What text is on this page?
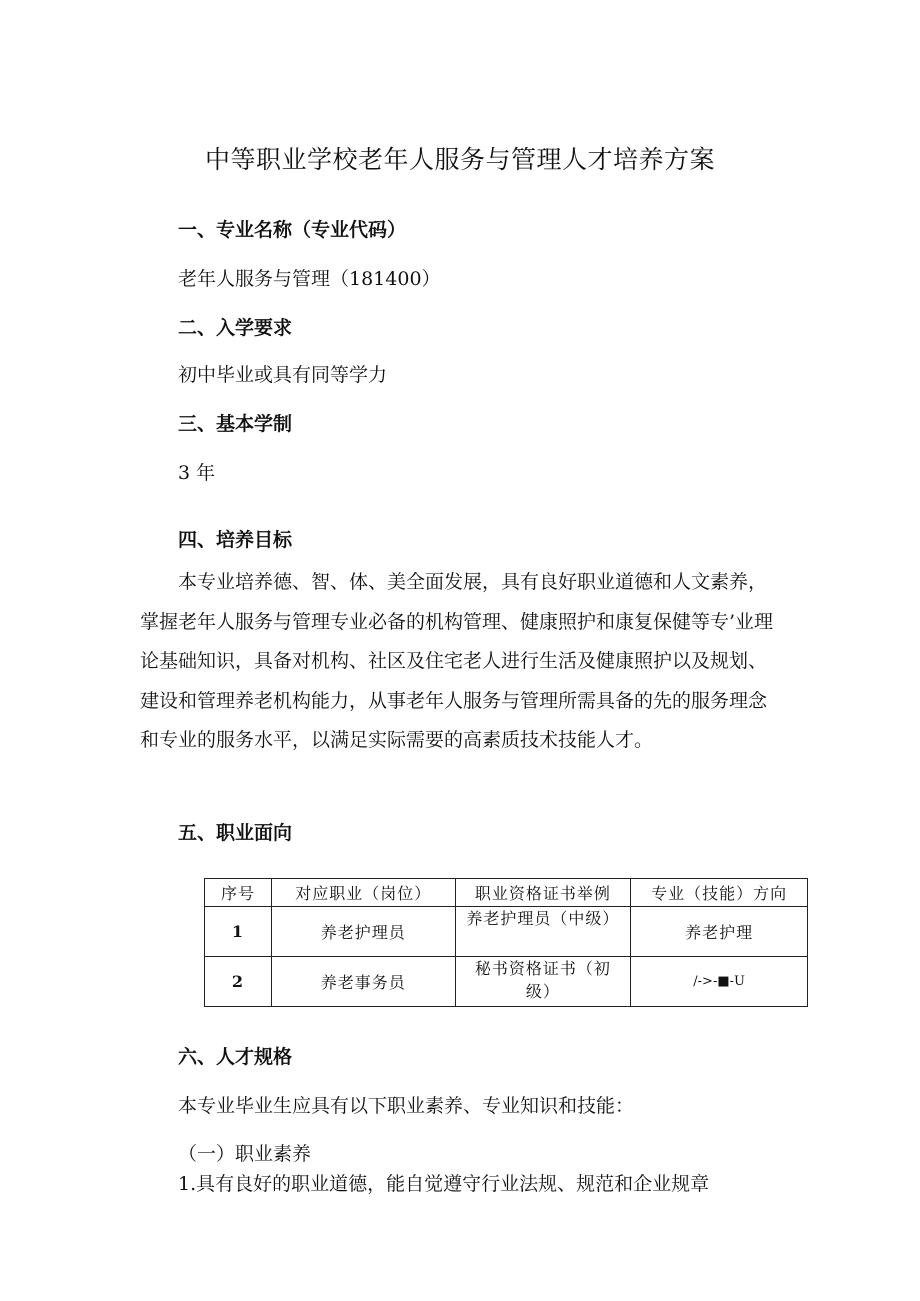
中等职业学校老年人服务与管理人才培养方案
一、专业名称（专业代码）
老年人服务与管理（181400）
二、入学要求
初中毕业或具有同等学力
三、基本学制
3 年
四、培养目标

本专业培养德、智、体、美全面发展，具有良好职业道德和人文素养，

掌握老年人服务与管理专业必备的机构管理、健康照护和康复保健等专’业理

论基础知识，具备对机构、社区及住宅老人进行生活及健康照护以及规划、

建设和管理养老机构能力，从事老年人服务与管理所需具备的先的服务理念

和专业的服务水平，以满足实际需要的高素质技术技能人才。

五、职业面向
序号	对应职业（岗位）	职业资格证书举例	专业（技能）方向
1	养老护理员	养老护理员（中级）	养老护理
2	养老事务员	秘书资格证书（初级）	/->-■-U
六、人才规格
本专业毕业生应具有以下职业素养、专业知识和技能：
（一）职业素养
1.具有良好的职业道德，能自觉遵守行业法规、规范和企业规章
